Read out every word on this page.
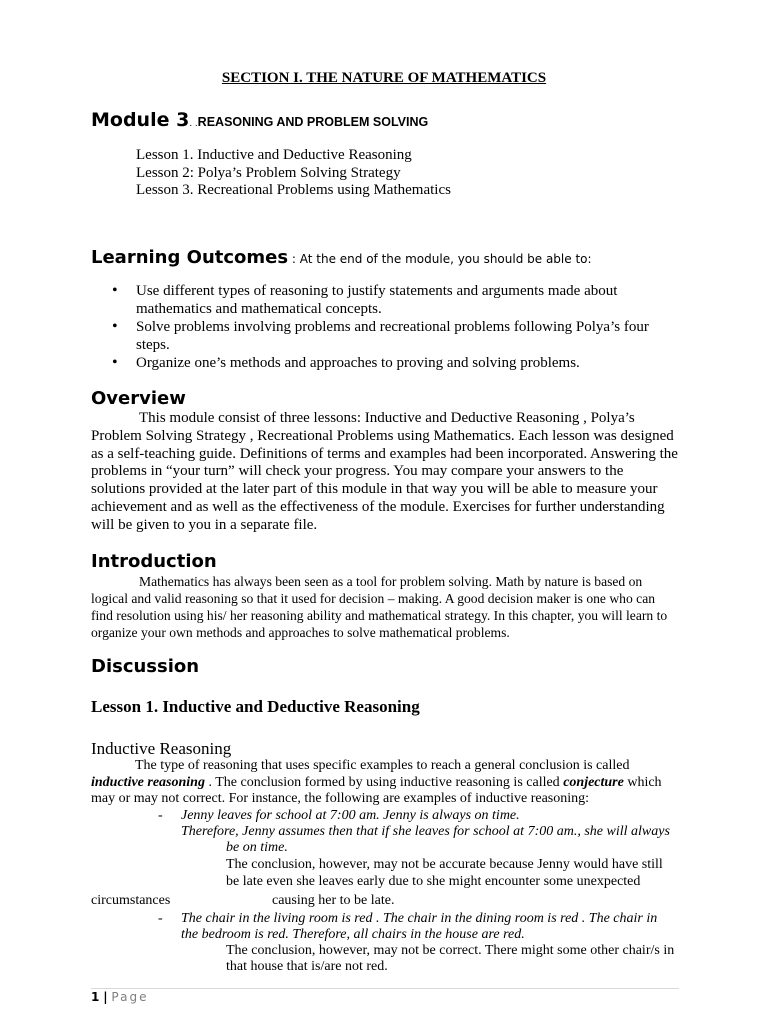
SECTION I. THE NATURE OF MATHEMATICS
Module 3. .REASONING AND PROBLEM SOLVING
Lesson 1. Inductive and Deductive Reasoning
Lesson 2: Polya’s Problem Solving Strategy
Lesson 3. Recreational Problems using Mathematics
Learning Outcomes : At the end of the module, you should be able to:
• Use different types of reasoning to justify statements and arguments made about mathematics and mathematical concepts.
• Solve problems involving problems and recreational problems following Polya’s four steps.
• Organize one’s methods and approaches to proving and solving problems.
Overview
This module consist of three lessons: Inductive and Deductive Reasoning , Polya’s Problem Solving Strategy , Recreational Problems using Mathematics. Each lesson was designed as a self-teaching guide. Definitions of terms and examples had been incorporated. Answering the problems in “your turn” will check your progress. You may compare your answers to the solutions provided at the later part of this module in that way you will be able to measure your achievement and as well as the effectiveness of the module. Exercises for further understanding will be given to you in a separate file.
Introduction
Mathematics has always been seen as a tool for problem solving. Math by nature is based on logical and valid reasoning so that it used for decision – making. A good decision maker is one who can find resolution using his/ her reasoning ability and mathematical strategy. In this chapter, you will learn to organize your own methods and approaches to solve mathematical problems.
Discussion
Lesson 1. Inductive and Deductive Reasoning
Inductive Reasoning
The type of reasoning that uses specific examples to reach a general conclusion is called inductive reasoning . The conclusion formed by using inductive reasoning is called conjecture which may or may not correct. For instance, the following are examples of inductive reasoning:
- Jenny leaves for school at 7:00 am. Jenny is always on time.
Therefore, Jenny assumes then that if she leaves for school at 7:00 am., she will always
be on time.
The conclusion, however, may not be accurate because Jenny would have still
be late even she leaves early due to she might encounter some unexpected
circumstances	causing her to be late.
- The chair in the living room is red . The chair in the dining room is red . The chair in
the bedroom is red. Therefore, all chairs in the house are red.
The conclusion, however, may not be correct. There might some other chair/s in
that house that is/are not red.
1 | Page
